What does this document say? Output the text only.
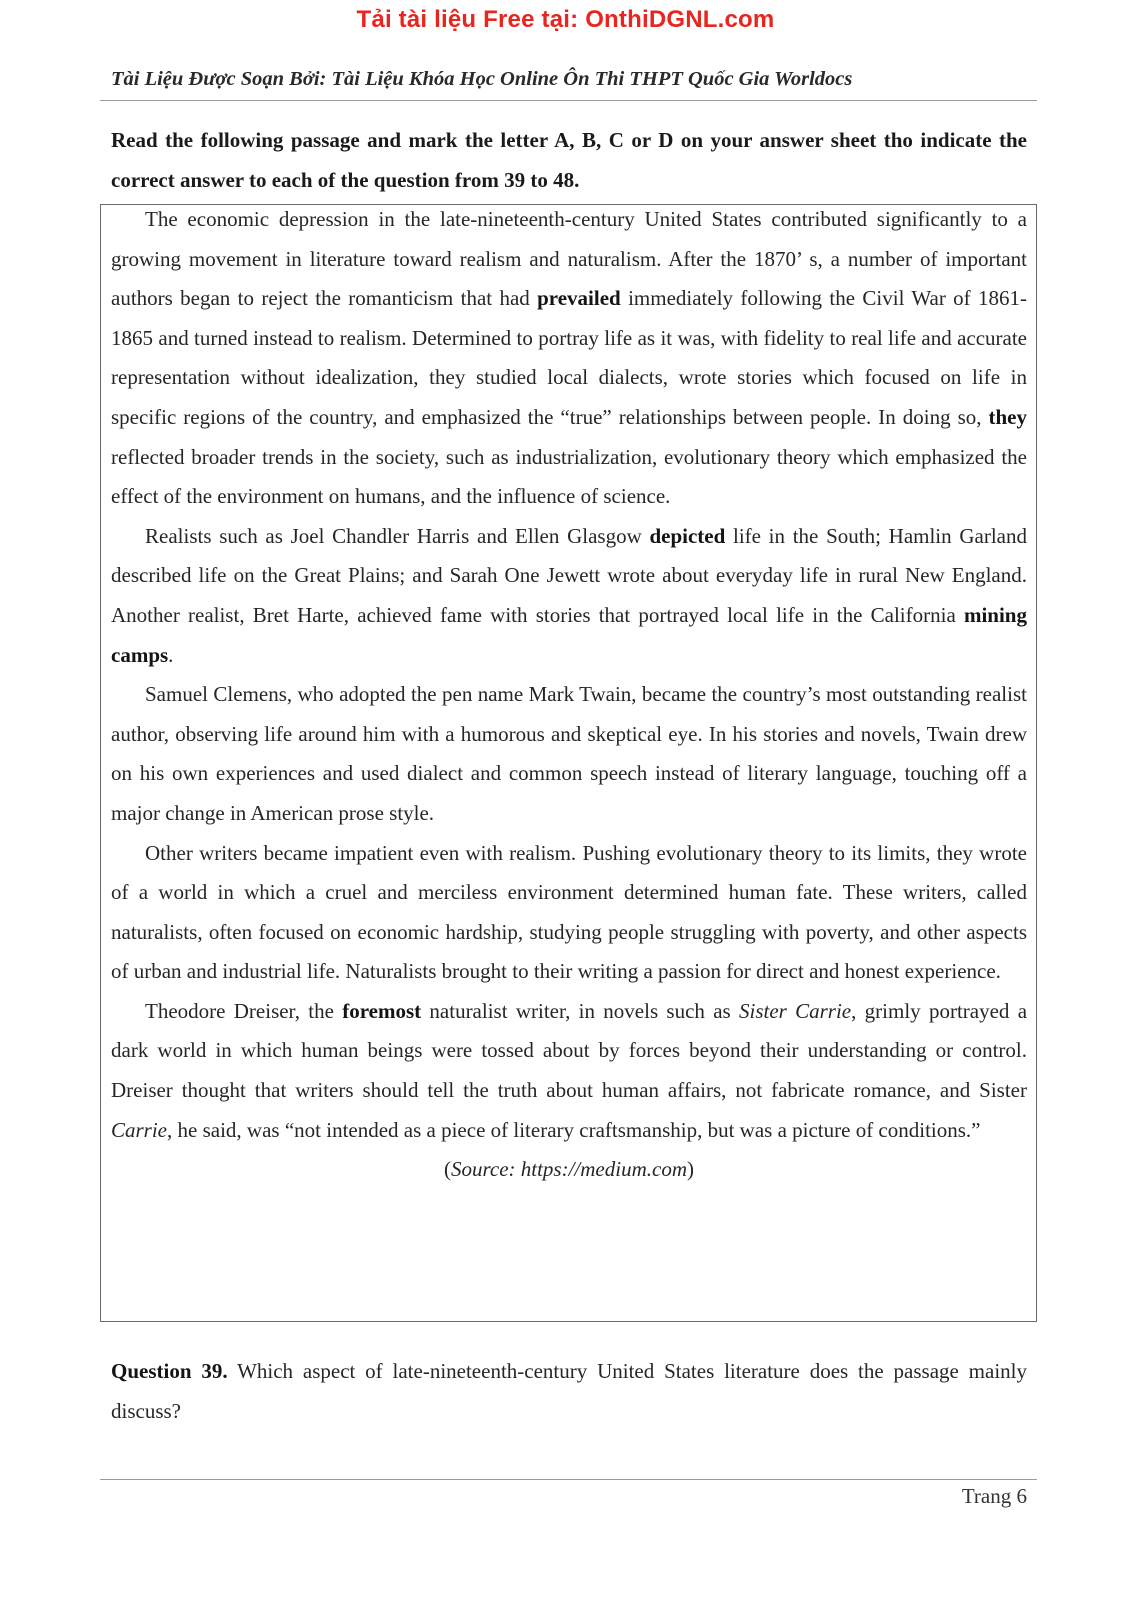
Tải tài liệu Free tại: OnthiDGNL.com
Tài Liệu Được Soạn Bởi: Tài Liệu Khóa Học Online Ôn Thi THPT Quốc Gia Worldocs
Read the following passage and mark the letter A, B, C or D on your answer sheet tho indicate the correct answer to each of the question from 39 to 48.

The economic depression in the late-nineteenth-century United States contributed significantly to a growing movement in literature toward realism and naturalism. After the 1870’ s, a number of important authors began to reject the romanticism that had prevailed immediately following the Civil War of 1861-1865 and turned instead to realism. Determined to portray life as it was, with fidelity to real life and accurate representation without idealization, they studied local dialects, wrote stories which focused on life in specific regions of the country, and emphasized the “true” relationships between people. In doing so, they reflected broader trends in the society, such as industrialization, evolutionary theory which emphasized the effect of the environment on humans, and the influence of science.

Realists such as Joel Chandler Harris and Ellen Glasgow depicted life in the South; Hamlin Garland described life on the Great Plains; and Sarah One Jewett wrote about everyday life in rural New England. Another realist, Bret Harte, achieved fame with stories that portrayed local life in the California mining camps.

Samuel Clemens, who adopted the pen name Mark Twain, became the country’s most outstanding realist author, observing life around him with a humorous and skeptical eye. In his stories and novels, Twain drew on his own experiences and used dialect and common speech instead of literary language, touching off a major change in American prose style.

Other writers became impatient even with realism. Pushing evolutionary theory to its limits, they wrote of a world in which a cruel and merciless environment determined human fate. These writers, called naturalists, often focused on economic hardship, studying people struggling with poverty, and other aspects of urban and industrial life. Naturalists brought to their writing a passion for direct and honest experience.

Theodore Dreiser, the foremost naturalist writer, in novels such as Sister Carrie, grimly portrayed a dark world in which human beings were tossed about by forces beyond their understanding or control. Dreiser thought that writers should tell the truth about human affairs, not fabricate romance, and Sister Carrie, he said, was “not intended as a piece of literary craftsmanship, but was a picture of conditions.”

(Source: https://medium.com)
Question 39. Which aspect of late-nineteenth-century United States literature does the passage mainly discuss?
Trang 6
